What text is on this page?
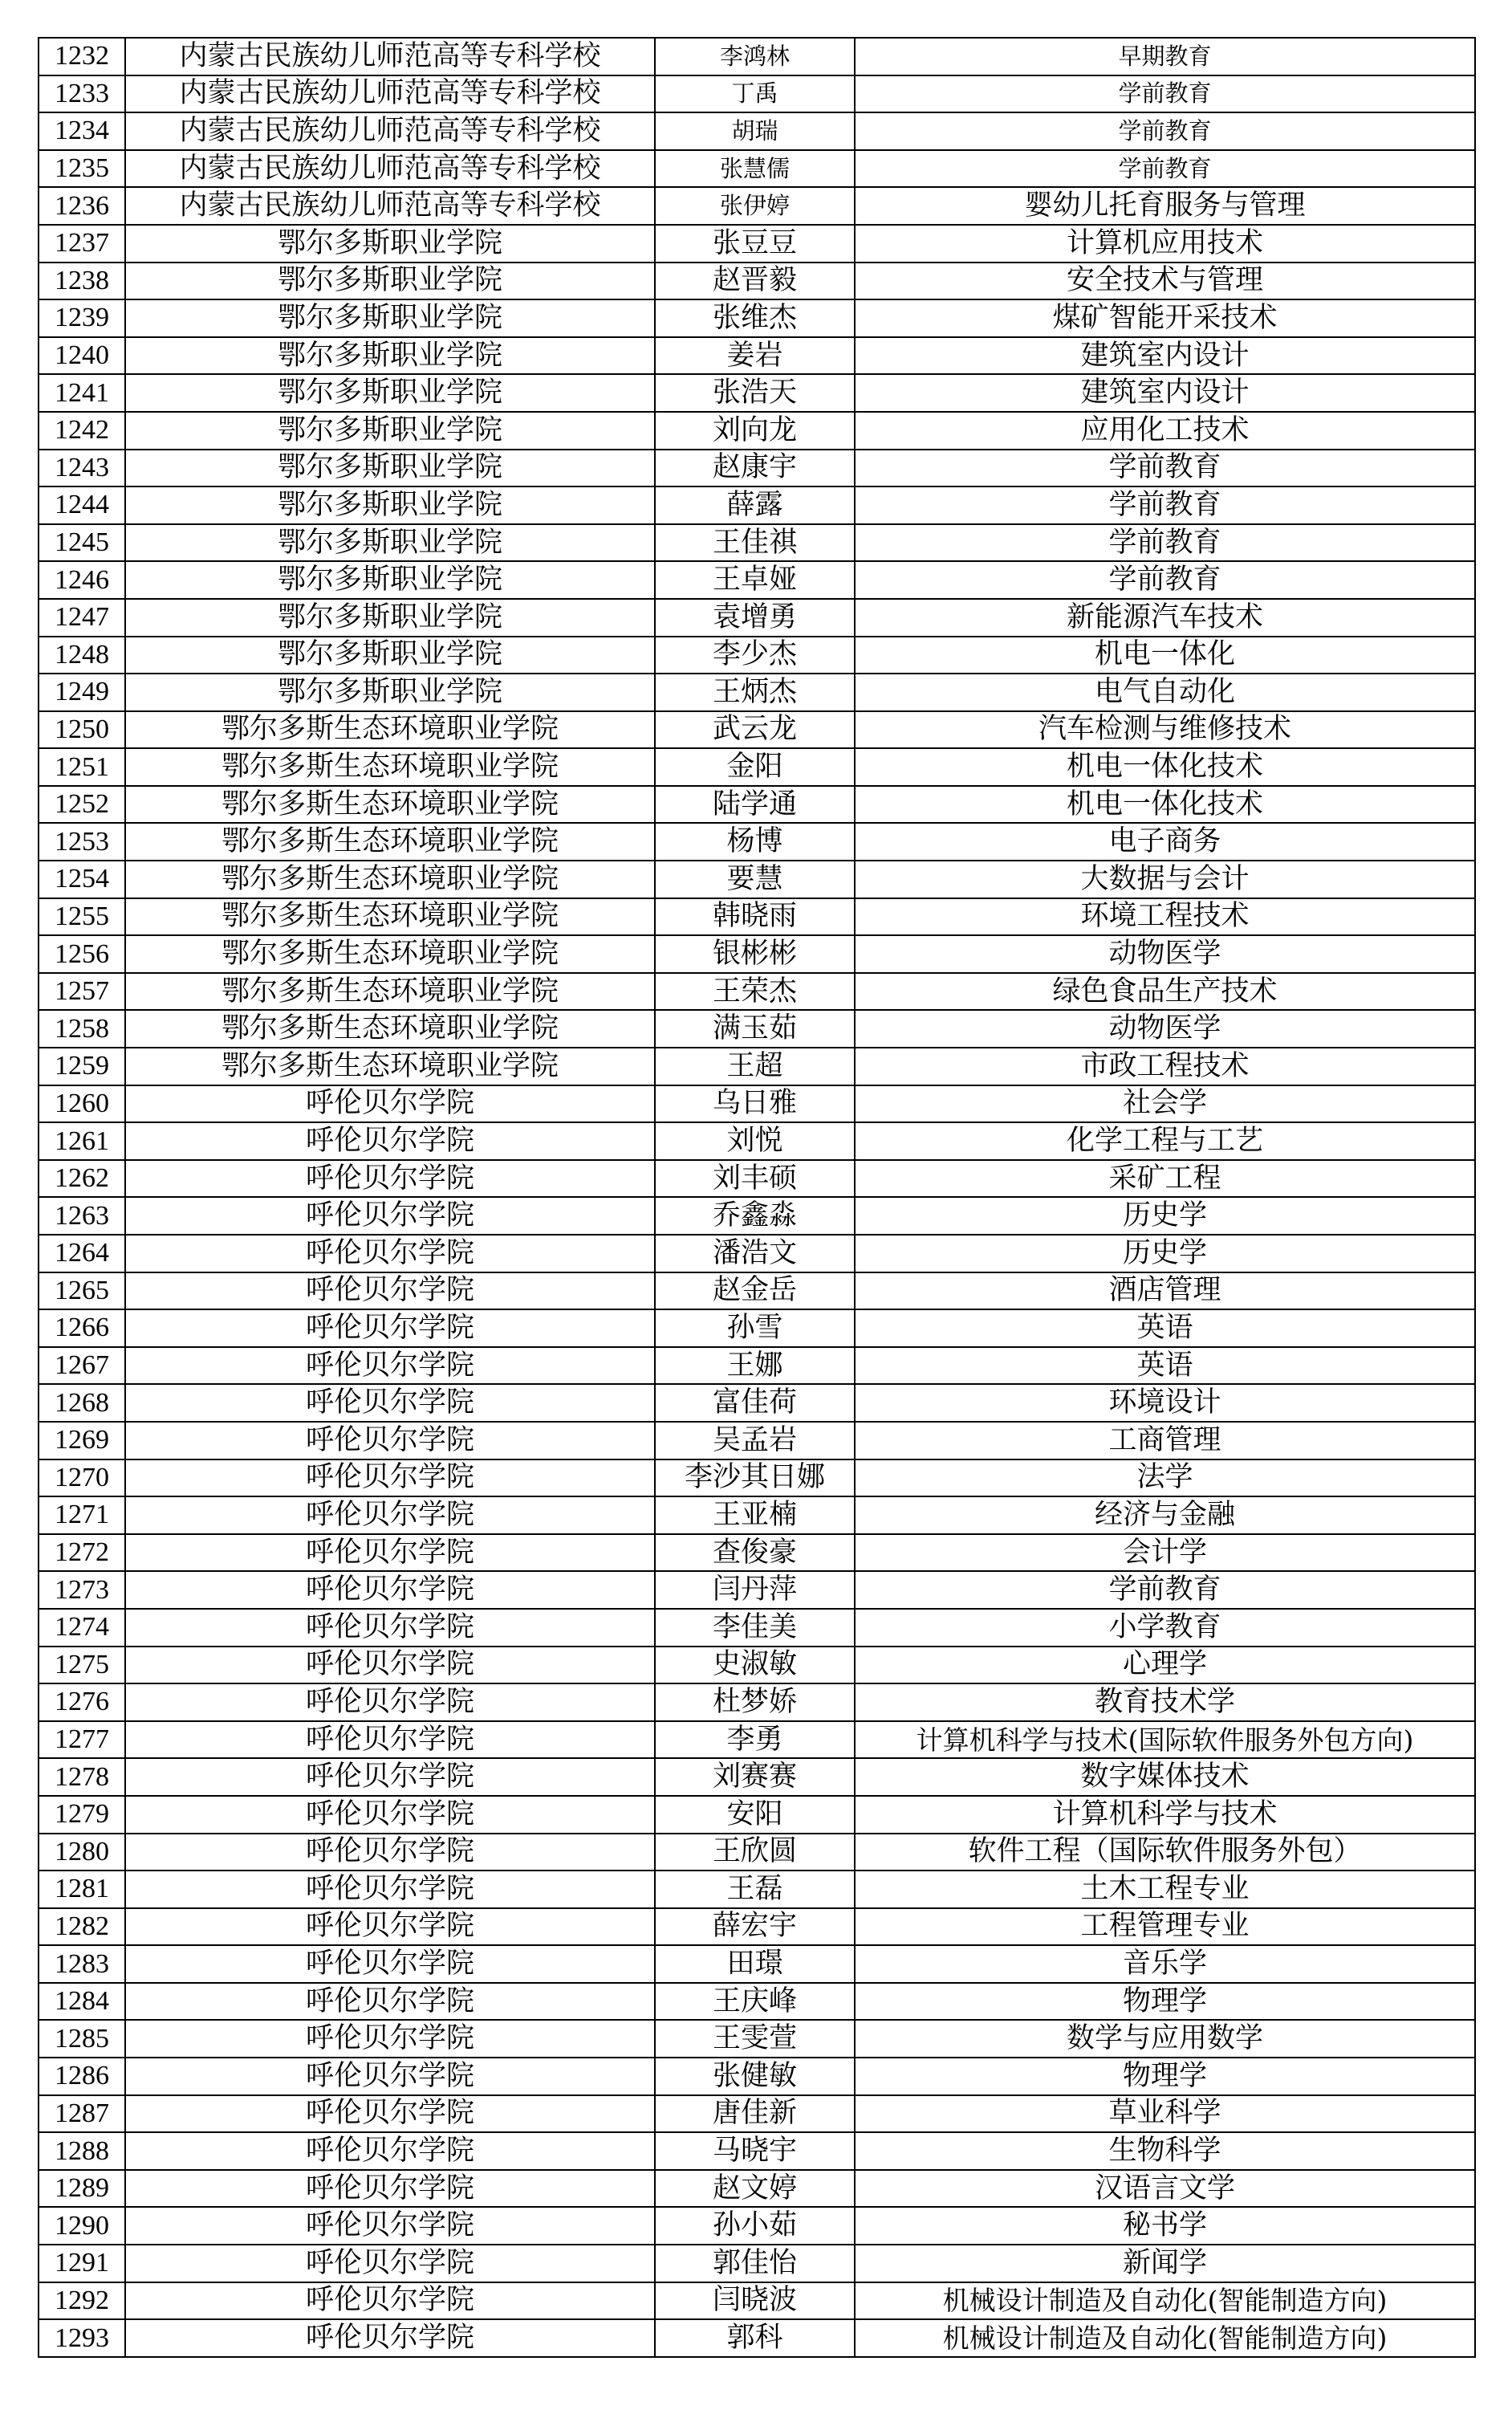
1232	内蒙古民族幼儿师范高等专科学校	李鸿林	早期教育
1233	内蒙古民族幼儿师范高等专科学校	丁禹	学前教育
1234	内蒙古民族幼儿师范高等专科学校	胡瑞	学前教育
1235	内蒙古民族幼儿师范高等专科学校	张慧儒	学前教育
1236	内蒙古民族幼儿师范高等专科学校	张伊婷	婴幼儿托育服务与管理
1237	鄂尔多斯职业学院	张豆豆	计算机应用技术
1238	鄂尔多斯职业学院	赵晋毅	安全技术与管理
1239	鄂尔多斯职业学院	张维杰	煤矿智能开采技术
1240	鄂尔多斯职业学院	姜岩	建筑室内设计
1241	鄂尔多斯职业学院	张浩天	建筑室内设计
1242	鄂尔多斯职业学院	刘向龙	应用化工技术
1243	鄂尔多斯职业学院	赵康宇	学前教育
1244	鄂尔多斯职业学院	薛露	学前教育
1245	鄂尔多斯职业学院	王佳祺	学前教育
1246	鄂尔多斯职业学院	王卓娅	学前教育
1247	鄂尔多斯职业学院	袁增勇	新能源汽车技术
1248	鄂尔多斯职业学院	李少杰	机电一体化
1249	鄂尔多斯职业学院	王炳杰	电气自动化
1250	鄂尔多斯生态环境职业学院	武云龙	汽车检测与维修技术
1251	鄂尔多斯生态环境职业学院	金阳	机电一体化技术
1252	鄂尔多斯生态环境职业学院	陆学通	机电一体化技术
1253	鄂尔多斯生态环境职业学院	杨博	电子商务
1254	鄂尔多斯生态环境职业学院	要慧	大数据与会计
1255	鄂尔多斯生态环境职业学院	韩晓雨	环境工程技术
1256	鄂尔多斯生态环境职业学院	银彬彬	动物医学
1257	鄂尔多斯生态环境职业学院	王荣杰	绿色食品生产技术
1258	鄂尔多斯生态环境职业学院	满玉茹	动物医学
1259	鄂尔多斯生态环境职业学院	王超	市政工程技术
1260	呼伦贝尔学院	乌日雅	社会学
1261	呼伦贝尔学院	刘悦	化学工程与工艺
1262	呼伦贝尔学院	刘丰硕	采矿工程
1263	呼伦贝尔学院	乔鑫淼	历史学
1264	呼伦贝尔学院	潘浩文	历史学
1265	呼伦贝尔学院	赵金岳	酒店管理
1266	呼伦贝尔学院	孙雪	英语
1267	呼伦贝尔学院	王娜	英语
1268	呼伦贝尔学院	富佳荷	环境设计
1269	呼伦贝尔学院	吴孟岩	工商管理
1270	呼伦贝尔学院	李沙其日娜	法学
1271	呼伦贝尔学院	王亚楠	经济与金融
1272	呼伦贝尔学院	查俊豪	会计学
1273	呼伦贝尔学院	闫丹萍	学前教育
1274	呼伦贝尔学院	李佳美	小学教育
1275	呼伦贝尔学院	史淑敏	心理学
1276	呼伦贝尔学院	杜梦娇	教育技术学
1277	呼伦贝尔学院	李勇	计算机科学与技术(国际软件服务外包方向)
1278	呼伦贝尔学院	刘赛赛	数字媒体技术
1279	呼伦贝尔学院	安阳	计算机科学与技术
1280	呼伦贝尔学院	王欣圆	软件工程（国际软件服务外包）
1281	呼伦贝尔学院	王磊	土木工程专业
1282	呼伦贝尔学院	薛宏宇	工程管理专业
1283	呼伦贝尔学院	田璟	音乐学
1284	呼伦贝尔学院	王庆峰	物理学
1285	呼伦贝尔学院	王雯萱	数学与应用数学
1286	呼伦贝尔学院	张健敏	物理学
1287	呼伦贝尔学院	唐佳新	草业科学
1288	呼伦贝尔学院	马晓宇	生物科学
1289	呼伦贝尔学院	赵文婷	汉语言文学
1290	呼伦贝尔学院	孙小茹	秘书学
1291	呼伦贝尔学院	郭佳怡	新闻学
1292	呼伦贝尔学院	闫晓波	机械设计制造及自动化(智能制造方向)
1293	呼伦贝尔学院	郭科	机械设计制造及自动化(智能制造方向)
